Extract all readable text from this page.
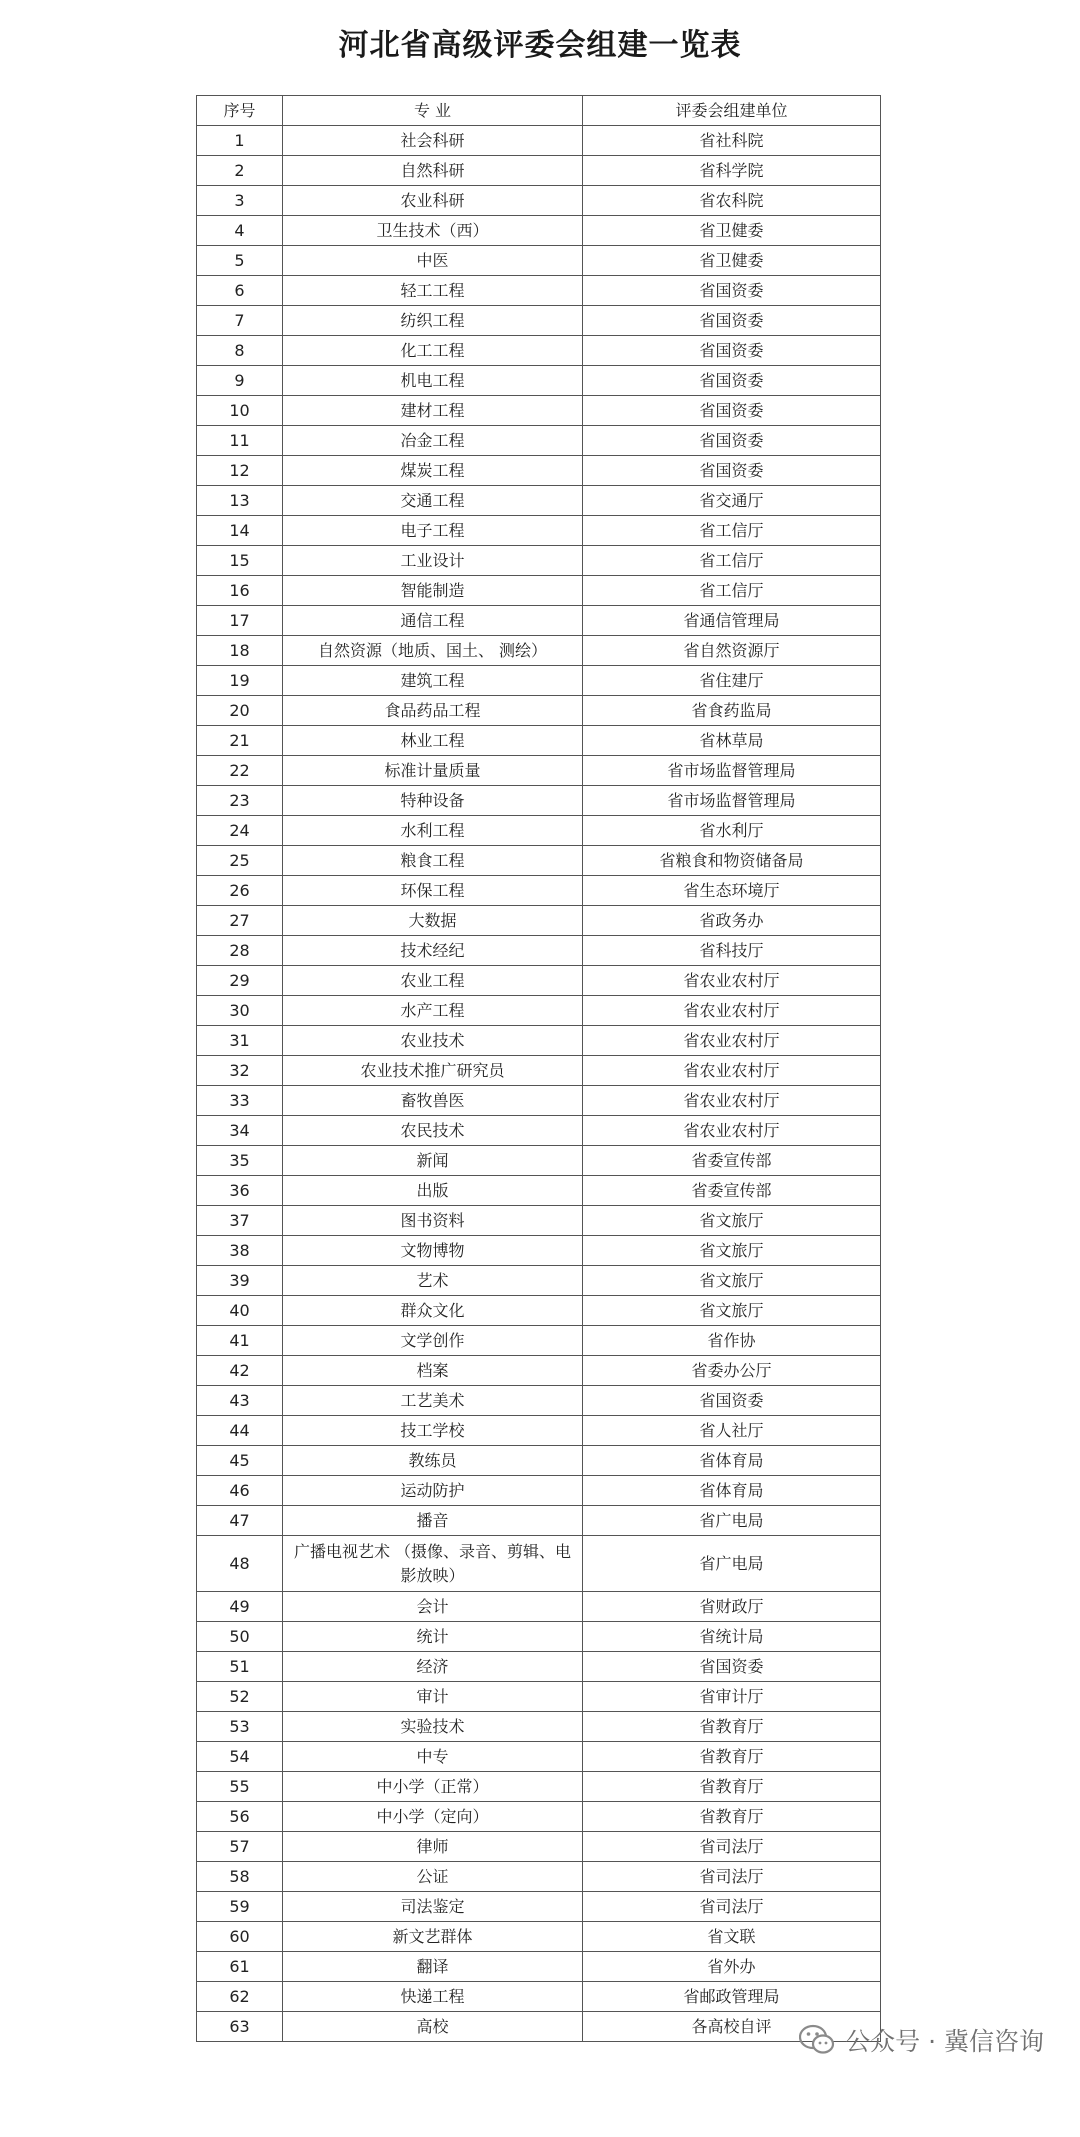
河北省高级评委会组建一览表
序号	专 业	评委会组建单位
1	社会科研	省社科院
2	自然科研	省科学院
3	农业科研	省农科院
4	卫生技术（西）	省卫健委
5	中医	省卫健委
6	轻工工程	省国资委
7	纺织工程	省国资委
8	化工工程	省国资委
9	机电工程	省国资委
10	建材工程	省国资委
11	冶金工程	省国资委
12	煤炭工程	省国资委
13	交通工程	省交通厅
14	电子工程	省工信厅
15	工业设计	省工信厅
16	智能制造	省工信厅
17	通信工程	省通信管理局
18	自然资源（地质、国土、 测绘）	省自然资源厅
19	建筑工程	省住建厅
20	食品药品工程	省食药监局
21	林业工程	省林草局
22	标准计量质量	省市场监督管理局
23	特种设备	省市场监督管理局
24	水利工程	省水利厅
25	粮食工程	省粮食和物资储备局
26	环保工程	省生态环境厅
27	大数据	省政务办
28	技术经纪	省科技厅
29	农业工程	省农业农村厅
30	水产工程	省农业农村厅
31	农业技术	省农业农村厅
32	农业技术推广研究员	省农业农村厅
33	畜牧兽医	省农业农村厅
34	农民技术	省农业农村厅
35	新闻	省委宣传部
36	出版	省委宣传部
37	图书资料	省文旅厅
38	文物博物	省文旅厅
39	艺术	省文旅厅
40	群众文化	省文旅厅
41	文学创作	省作协
42	档案	省委办公厅
43	工艺美术	省国资委
44	技工学校	省人社厅
45	教练员	省体育局
46	运动防护	省体育局
47	播音	省广电局
48	广播电视艺术 （摄像、录音、剪辑、电影放映）	省广电局
49	会计	省财政厅
50	统计	省统计局
51	经济	省国资委
52	审计	省审计厅
53	实验技术	省教育厅
54	中专	省教育厅
55	中小学（正常）	省教育厅
56	中小学（定向）	省教育厅
57	律师	省司法厅
58	公证	省司法厅
59	司法鉴定	省司法厅
60	新文艺群体	省文联
61	翻译	省外办
62	快递工程	省邮政管理局
63	高校	各高校自评
公众号 · 冀信咨询
